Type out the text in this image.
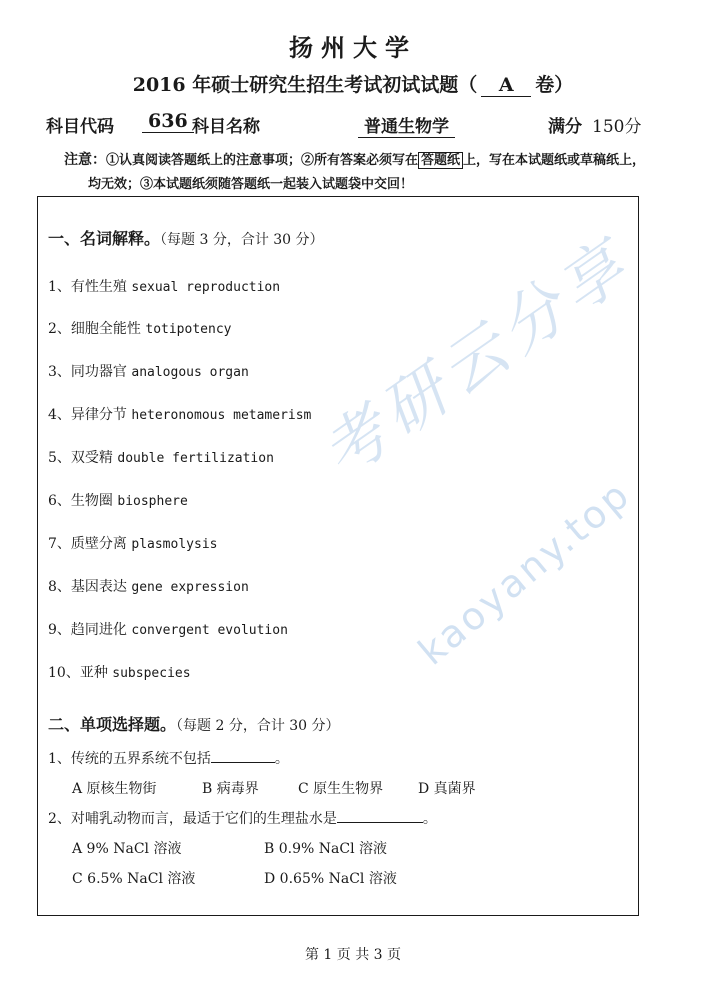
扬州大学
2016 年硕士研究生招生考试初试试题（ A 卷）
科目代码	636 科目名称	普通生物学	满分 150分
注意：①认真阅读答题纸上的注意事项；②所有答案必须写在 答题纸 上，写在本试题纸或草稿纸上，
均无效；③本试题纸须随答题纸一起装入试题袋中交回！
一、名词解释。（每题 3 分，合计 30 分）
1、有性生殖 sexual reproduction
2、细胞全能性 totipotency
3、同功器官 analogous organ
4、异律分节 heteronomous metamerism
5、双受精 double fertilization
6、生物圈 biosphere
7、质壁分离 plasmolysis
8、基因表达 gene expression
9、趋同进化 convergent evolution
10、亚种 subspecies
二、单项选择题。（每题 2 分，合计 30 分）
1、传统的五界系统不包括	。
A 原核生物街	B 病毒界	C 原生生物界 D 真菌界
2、对哺乳动物而言，最适于它们的生理盐水是	。
A 9% NaCl 溶液	B 0.9% NaCl 溶液
C 6.5% NaCl 溶液	D 0.65% NaCl 溶液
第 1 页 共 3 页
考研云分享
kaoyany.top
